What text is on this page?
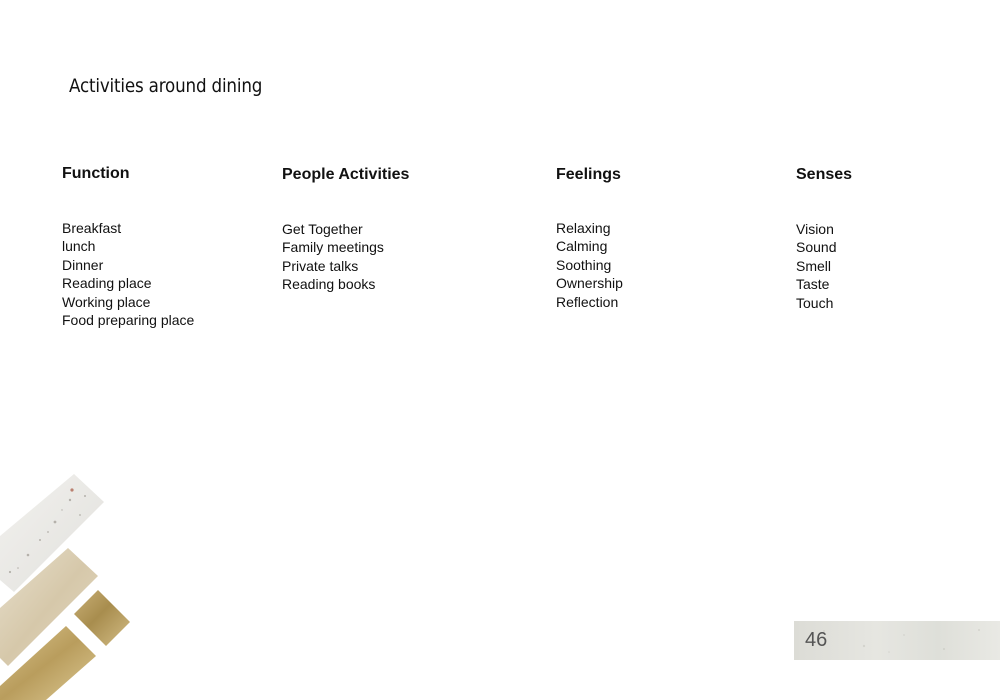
Activities around dining
Function
Breakfast
lunch
Dinner
Reading place
Working place
Food preparing place
People Activities
Get Together
Family meetings
Private talks
Reading books
Feelings
Relaxing
Calming
Soothing
Ownership
Reflection
Senses
Vision
Sound
Smell
Taste
Touch
46
